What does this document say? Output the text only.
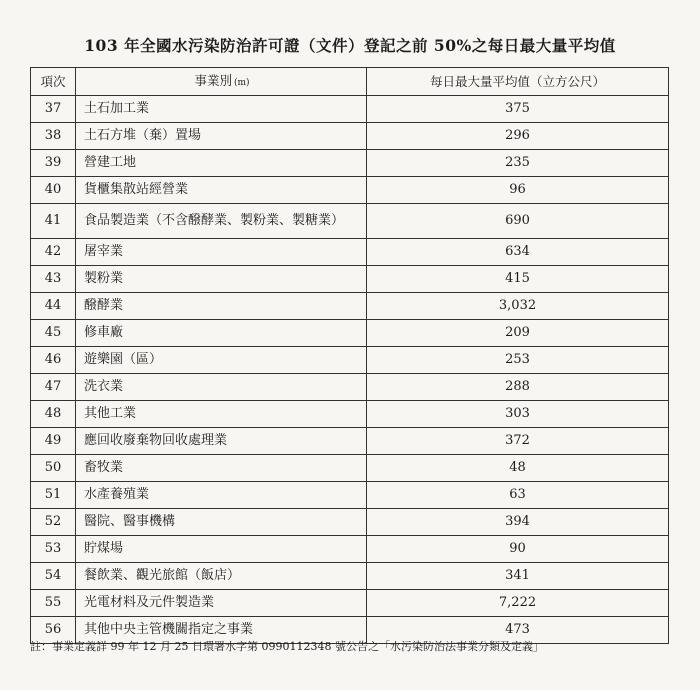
103 年全國水污染防治許可證（文件）登記之前 50%之每日最大量平均值
項次	事業別 (m)	每日最大量平均值（立方公尺）
37	土石加工業	375
38	土石方堆（棄）置場	296
39	營建工地	235
40	貨櫃集散站經營業	96
41	食品製造業（不含醱酵業、製粉業、製糖業）	690
42	屠宰業	634
43	製粉業	415
44	醱酵業	3,032
45	修車廠	209
46	遊樂園（區）	253
47	洗衣業	288
48	其他工業	303
49	應回收廢棄物回收處理業	372
50	畜牧業	48
51	水產養殖業	63
52	醫院、醫事機構	394
53	貯煤場	90
54	餐飲業、觀光旅館（飯店）	341
55	光電材料及元件製造業	7,222
56	其他中央主管機關指定之事業	473
註：事業定義詳 99 年 12 月 25 日環署水字第 0990112348 號公告之「水污染防治法事業分類及定義」
